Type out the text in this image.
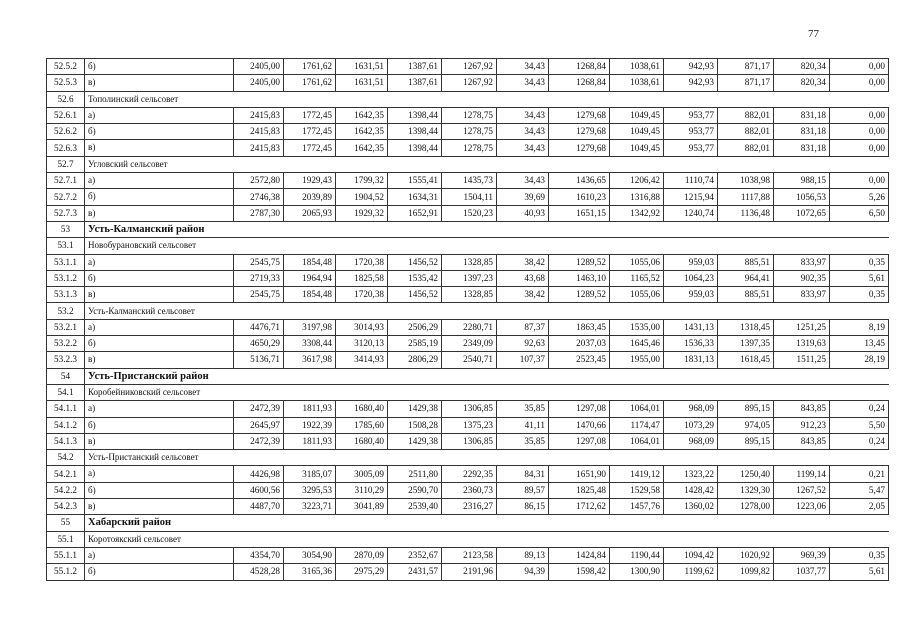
77
52.5.2	б)	2405,00	1761,62	1631,51	1387,61	1267,92	34,43	1268,84	1038,61	942,93	871,17	820,34	0,00
52.5.3	в)	2405,00	1761,62	1631,51	1387,61	1267,92	34,43	1268,84	1038,61	942,93	871,17	820,34	0,00
52.6	Тополинский сельсовет												
52.6.1	а)	2415,83	1772,45	1642,35	1398,44	1278,75	34,43	1279,68	1049,45	953,77	882,01	831,18	0,00
52.6.2	б)	2415,83	1772,45	1642,35	1398,44	1278,75	34,43	1279,68	1049,45	953,77	882,01	831,18	0,00
52.6.3	в)	2415,83	1772,45	1642,35	1398,44	1278,75	34,43	1279,68	1049,45	953,77	882,01	831,18	0,00
52.7	Угловский сельсовет												
52.7.1	а)	2572,80	1929,43	1799,32	1555,41	1435,73	34,43	1436,65	1206,42	1110,74	1038,98	988,15	0,00
52.7.2	б)	2746,38	2039,89	1904,52	1634,31	1504,11	39,69	1610,23	1316,88	1215,94	1117,88	1056,53	5,26
52.7.3	в)	2787,30	2065,93	1929,32	1652,91	1520,23	40,93	1651,15	1342,92	1240,74	1136,48	1072,65	6,50
53	Усть-Калманский район												
53.1	Новобурановский сельсовет												
53.1.1	а)	2545,75	1854,48	1720,38	1456,52	1328,85	38,42	1289,52	1055,06	959,03	885,51	833,97	0,35
53.1.2	б)	2719,33	1964,94	1825,58	1535,42	1397,23	43,68	1463,10	1165,52	1064,23	964,41	902,35	5,61
53.1.3	в)	2545,75	1854,48	1720,38	1456,52	1328,85	38,42	1289,52	1055,06	959,03	885,51	833,97	0,35
53.2	Усть-Калманский сельсовет												
53.2.1	а)	4476,71	3197,98	3014,93	2506,29	2280,71	87,37	1863,45	1535,00	1431,13	1318,45	1251,25	8,19
53.2.2	б)	4650,29	3308,44	3120,13	2585,19	2349,09	92,63	2037,03	1645,46	1536,33	1397,35	1319,63	13,45
53.2.3	в)	5136,71	3617,98	3414,93	2806,29	2540,71	107,37	2523,45	1955,00	1831,13	1618,45	1511,25	28,19
54	Усть-Пристанский район												
54.1	Коробейниковский сельсовет												
54.1.1	а)	2472,39	1811,93	1680,40	1429,38	1306,85	35,85	1297,08	1064,01	968,09	895,15	843,85	0,24
54.1.2	б)	2645,97	1922,39	1785,60	1508,28	1375,23	41,11	1470,66	1174,47	1073,29	974,05	912,23	5,50
54.1.3	в)	2472,39	1811,93	1680,40	1429,38	1306,85	35,85	1297,08	1064,01	968,09	895,15	843,85	0,24
54.2	Усть-Пристанский сельсовет												
54.2.1	а)	4426,98	3185,07	3005,09	2511,80	2292,35	84,31	1651,90	1419,12	1323,22	1250,40	1199,14	0,21
54.2.2	б)	4600,56	3295,53	3110,29	2590,70	2360,73	89,57	1825,48	1529,58	1428,42	1329,30	1267,52	5,47
54.2.3	в)	4487,70	3223,71	3041,89	2539,40	2316,27	86,15	1712,62	1457,76	1360,02	1278,00	1223,06	2,05
55	Хабарский район												
55.1	Коротоякский сельсовет												
55.1.1	а)	4354,70	3054,90	2870,09	2352,67	2123,58	89,13	1424,84	1190,44	1094,42	1020,92	969,39	0,35
55.1.2	б)	4528,28	3165,36	2975,29	2431,57	2191,96	94,39	1598,42	1300,90	1199,62	1099,82	1037,77	5,61
